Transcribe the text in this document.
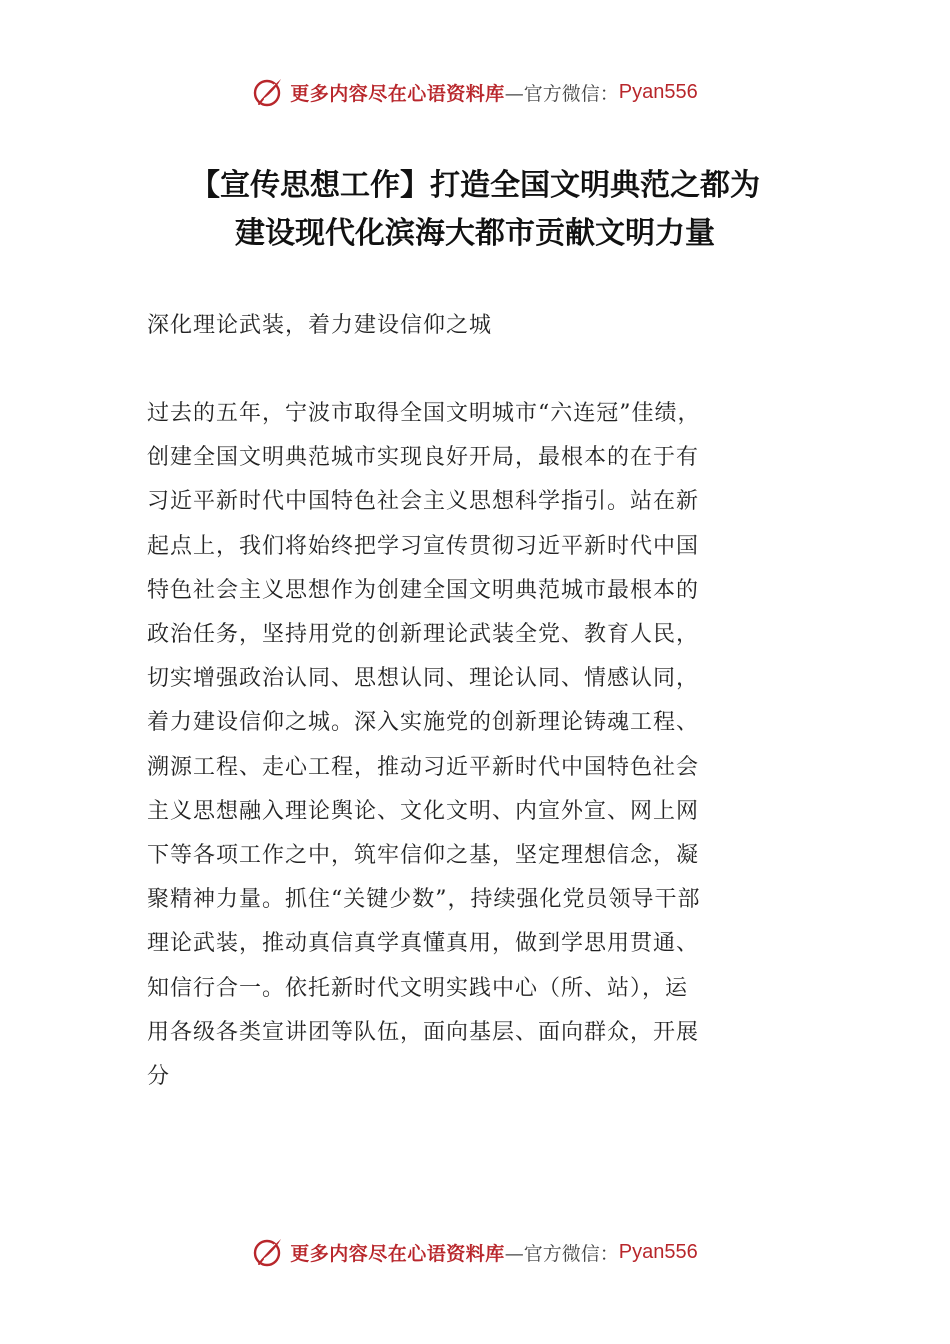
更多内容尽在心语资料库 —官方微信： Pyan556
【宣传思想工作】打造全国文明典范之都为
建设现代化滨海大都市贡献文明力量

深化理论武装，着力建设信仰之城

过去的五年，宁波市取得全国文明城市“六连冠”佳绩，
创建全国文明典范城市实现良好开局，最根本的在于有
习近平新时代中国特色社会主义思想科学指引。站在新
起点上，我们将始终把学习宣传贯彻习近平新时代中国
特色社会主义思想作为创建全国文明典范城市最根本的
政治任务，坚持用党的创新理论武装全党、教育人民，
切实增强政治认同、思想认同、理论认同、情感认同，
着力建设信仰之城。深入实施党的创新理论铸魂工程、
溯源工程、走心工程，推动习近平新时代中国特色社会
主义思想融入理论舆论、文化文明、内宣外宣、网上网
下等各项工作之中，筑牢信仰之基，坚定理想信念，凝
聚精神力量。抓住“关键少数”，持续强化党员领导干部
理论武装，推动真信真学真懂真用，做到学思用贯通、
知信行合一。依托新时代文明实践中心（所、站），运
用各级各类宣讲团等队伍，面向基层、面向群众，开展
分
更多内容尽在心语资料库 —官方微信： Pyan556
